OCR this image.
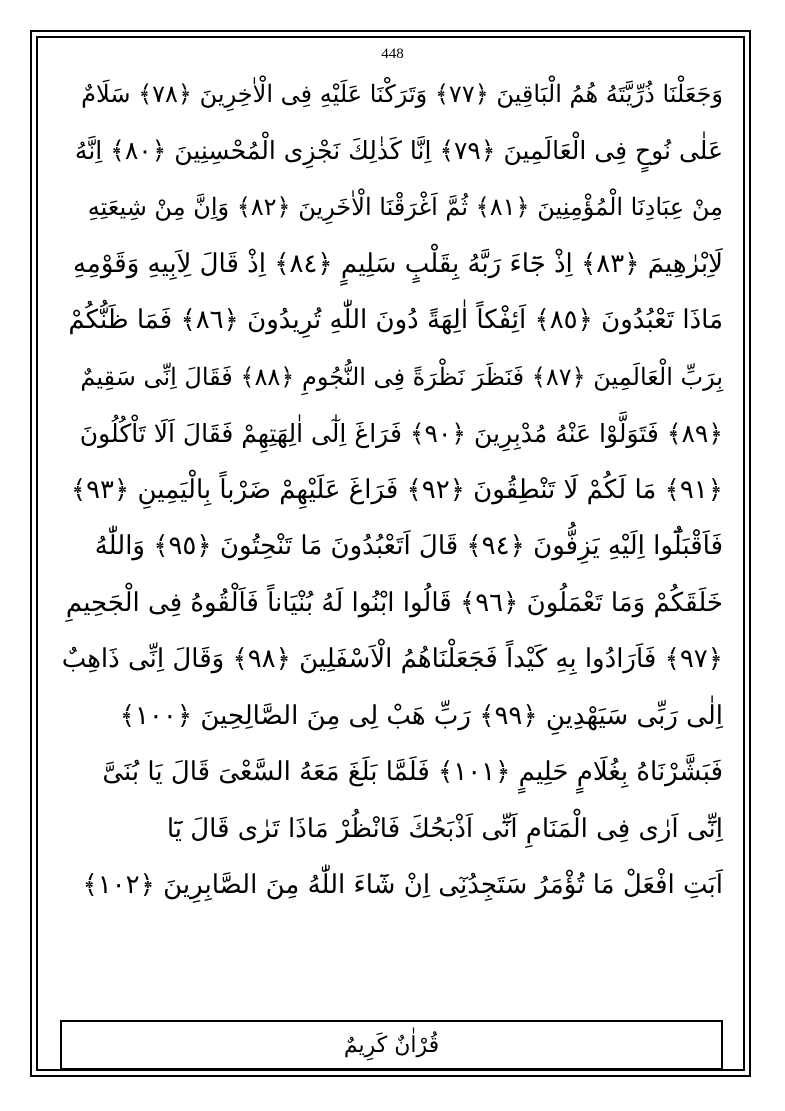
448
وَجَعَلْنَا ذُرِّيَّتَهُ هُمُ الْبَاقِينَ ﴿٧٧﴾ وَتَرَكْنَا عَلَيْهِ فِى الْاٰخِرِينَ ﴿٧٨﴾ سَلَامٌ
عَلٰى نُوحٍ فِى الْعَالَمِينَ ﴿٧٩﴾ اِنَّا كَذٰلِكَ نَجْزِى الْمُحْسِنِينَ ﴿٨٠﴾ اِنَّهُ
مِنْ عِبَادِنَا الْمُؤْمِنِينَ ﴿٨١﴾ ثُمَّ اَغْرَقْنَا الْاٰخَرِينَ ﴿٨٢﴾ وَاِنَّ مِنْ شِيعَتِهِ
لَاِبْرٰهِيمَ ﴿٨٣﴾ اِذْ جَٓاءَ رَبَّهُ بِقَلْبٍ سَلِيمٍ ﴿٨٤﴾ اِذْ قَالَ لِاَبِيهِ وَقَوْمِهِ
مَاذَا تَعْبُدُونَ ﴿٨٥﴾ اَئِفْكاً اٰلِهَةً دُونَ اللّٰهِ تُرِيدُونَ ﴿٨٦﴾ فَمَا ظَنُّكُمْ
بِرَبِّ الْعَالَمِينَ ﴿٨٧﴾ فَنَظَرَ نَظْرَةً فِى النُّجُومِ ﴿٨٨﴾ فَقَالَ اِنِّى سَقِيمٌ
﴿٨٩﴾ فَتَوَلَّوْا عَنْهُ مُدْبِرِينَ ﴿٩٠﴾ فَرَاغَ اِلٰٓى اٰلِهَتِهِمْ فَقَالَ اَلَا تَاْكُلُونَ
﴿٩١﴾ مَا لَكُمْ لَا تَنْطِقُونَ ﴿٩٢﴾ فَرَاغَ عَلَيْهِمْ ضَرْباً بِالْيَمِينِ ﴿٩٣﴾
فَاَقْبَلُٓوا اِلَيْهِ يَزِفُّونَ ﴿٩٤﴾ قَالَ اَتَعْبُدُونَ مَا تَنْحِتُونَ ﴿٩٥﴾ وَاللّٰهُ
خَلَقَكُمْ وَمَا تَعْمَلُونَ ﴿٩٦﴾ قَالُوا ابْنُوا لَهُ بُنْيَاناً فَاَلْقُوهُ فِى الْجَحِيمِ
﴿٩٧﴾ فَاَرَادُوا بِهِ كَيْداً فَجَعَلْنَاهُمُ الْاَسْفَلِينَ ﴿٩٨﴾ وَقَالَ اِنِّى ذَاهِبٌ
اِلٰى رَبِّى سَيَهْدِينِ ﴿٩٩﴾ رَبِّ هَبْ لِى مِنَ الصَّالِحِينَ ﴿١٠٠﴾
فَبَشَّرْنَاهُ بِغُلَامٍ حَلِيمٍ ﴿١٠١﴾ فَلَمَّا بَلَغَ مَعَهُ السَّعْىَ قَالَ يَا بُنَىَّ
اِنِّٓى اَرٰى فِى الْمَنَامِ اَنِّٓى اَذْبَحُكَ فَانْظُرْ مَاذَا تَرٰى قَالَ يَٓا
اَبَتِ افْعَلْ مَا تُؤْمَرُ سَتَجِدُنِٓى اِنْ شَٓاءَ اللّٰهُ مِنَ الصَّابِرِينَ ﴿١٠٢﴾
قُرْاٰنٌ كَرِيمٌ
